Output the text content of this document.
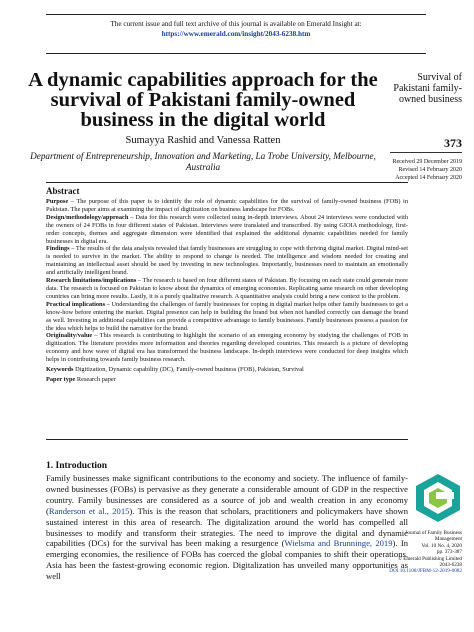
The current issue and full text archive of this journal is available on Emerald Insight at:
https://www.emerald.com/insight/2043-6238.htm
A dynamic capabilities approach for the survival of Pakistani family-owned business in the digital world
Sumayya Rashid and Vanessa Ratten
Department of Entrepreneurship, Innovation and Marketing, La Trobe University, Melbourne, Australia
Survival of Pakistani family-owned business
373
Received 29 December 2019
Revised 14 February 2020
Accepted 14 February 2020
Abstract

Purpose – The purpose of this paper is to identify the role of dynamic capabilities for the survival of family-owned business (FOB) in Pakistan. The paper aims at examining the impact of digitization on business landscape for FOBs.

Design/methodology/approach – Data for this research were collected using in-depth interviews. About 24 interviews were conducted with the owners of 24 FOBs in four different states of Pakistan. Interviews were translated and transcribed. By using GIOIA methodology, first-order concepts, themes and aggregate dimension were identified that explained the additional dynamic capabilities needed for family businesses in digital era.

Findings – The results of the data analysis revealed that family businesses are struggling to cope with thriving digital market. Digital mind-set is needed to survive in the market. The ability to respond to change is needed. The intelligence and wisdom needed for creating and maintaining an intellectual asset should be used by investing in new technologies. Importantly, businesses need to maintain an emotionally and artificially intelligent brand.

Research limitations/implications – The research is based on four different states of Pakistan. By focusing on each state could generate more data. The research is focused on Pakistan to know about the dynamics of emerging economies. Replicating same research on other developing countries can bring more results. Lastly, it is a purely qualitative research. A quantitative analysis could bring a new context to the problem.

Practical implications – Understanding the challenges of family businesses for coping in digital market helps other family businesses to get a know-how before entering the market. Digital presence can help in building the brand but when not handled correctly can damage the brand as well. Investing in additional capabilities can provide a competitive advantage to family businesses. Family businesses possess a passion for the idea which helps to build the narrative for the brand.

Originality/value – This research is contributing to highlight the scenario of an emerging economy by studying the challenges of FOB in digitization. The literature provides more information and theories regarding developed countries. This research is a picture of developing economy and how wave of digital era has transformed the business landscape. In-depth interviews were conducted for deep insights which helps in contributing towards family business research.

Keywords Digitization, Dynamic capability (DC), Family-owned business (FOB), Pakistan, Survival
Paper type Research paper
1. Introduction

Family businesses make significant contributions to the economy and society. The influence of family-owned businesses (FOBs) is pervasive as they generate a considerable amount of GDP in the respective country. Family businesses are considered as a source of job and wealth creation in any economy (Randerson et al., 2015). This is the reason that scholars, practitioners and policymakers have shown sustained interest in this area of research. The digitalization around the world has compelled all businesses to modify and transform their strategies. The need to improve the digital and dynamic capabilities (DCs) for the survival has been making a resurgence (Wielsma and Brunninge, 2019). In emerging economies, the resilience of FOBs has coerced the global companies to shift their operations. Asia has been the fastest-growing economic region. Digitalization has unveiled many opportunities as well

Journal of Family Business Management
Vol. 10 No. 4, 2020
pp. 373-387
© Emerald Publishing Limited
2043-6238
DOI 10.1108/JFBM-12-2019-0082
